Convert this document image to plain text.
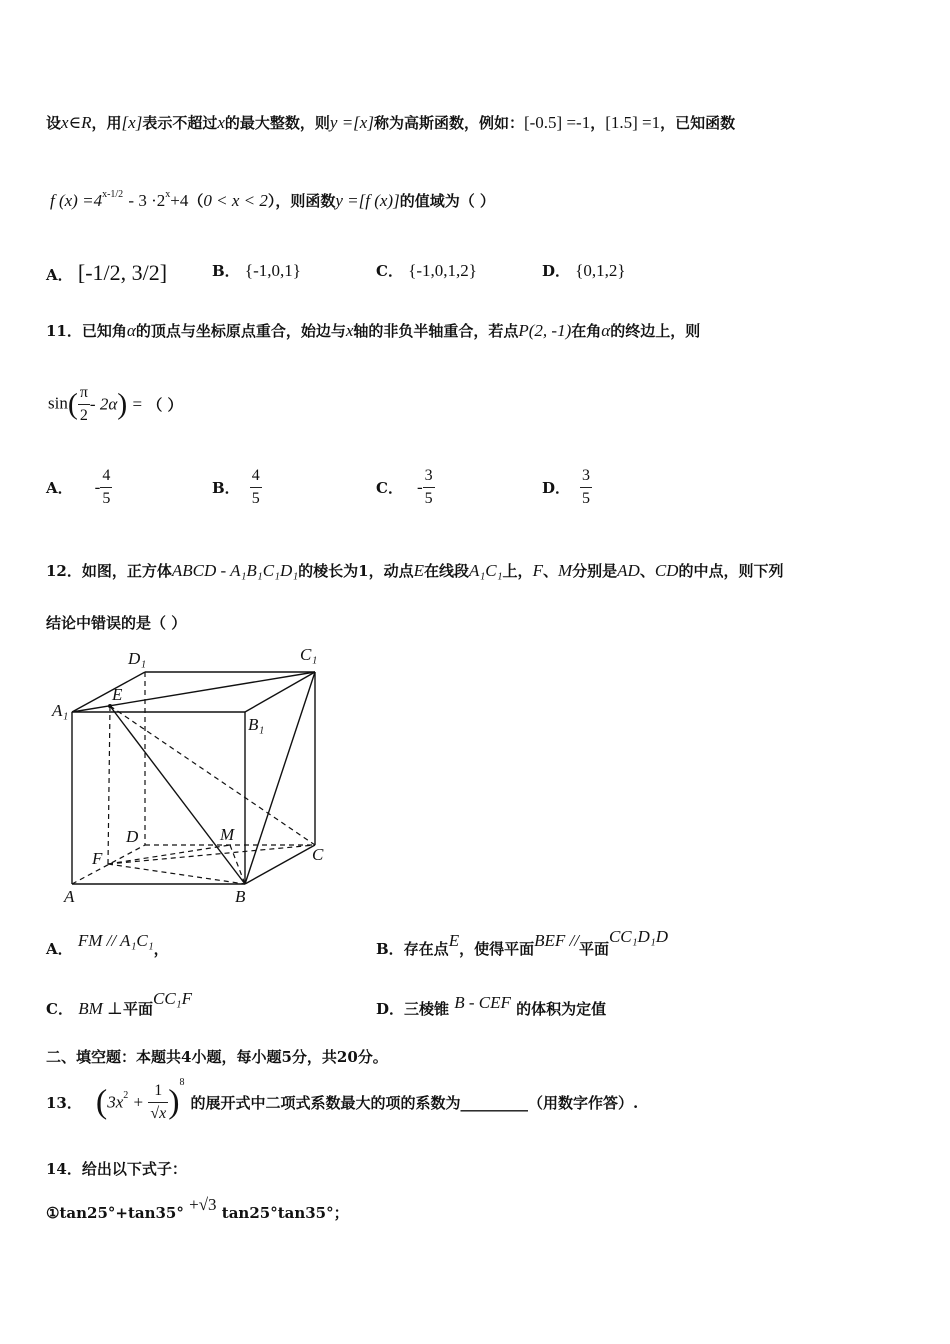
设x∈R，用[x]表示不超过x的最大整数，则y =[x]称为高斯函数，例如：[-0.5] =-1，[1.5] =1，已知函数
f $(x) =4^{x-1/2} - 3 \cdot 2^x+4(0 < x < 2)$，则函数y =[f (x)]的值域为（ ）
A． [-1/2, 3/2]	B． {-1,0,1}	C． {-1,0,1,2}	D． {0,1,2}
11．已知角α的顶点与坐标原点重合，始边与x轴的非负半轴重合，若点P(2, -1)在角α的终边上，则
$\sin( \frac{\pi}{2} - 2\alpha)$ = （ ）
A． - $\frac{4}{5}$	B． $\frac{4}{5}$	C． - $\frac{3}{5}$	D． $\frac{3}{5}$
12．如图，正方体ABCD - A₁B₁C₁D₁的棱长为1，动点E在线段A₁C₁上，F、M分别是AD、CD的中点，则下列
结论中错误的是（ ）
A₁
B₁
D₁	C₁
E
D	M
C
F
A	B
A． FM // A₁C₁，	B．存在点E，使得平面BEF //平面CC₁D₁D
C． BM ⊥平面CC₁F
D．三棱锥 B - CEF 的体积为定值
二、填空题：本题共4小题，每小题5分，共20分。
13． $(3x^2 + \frac{1}{√x} )^8$的展开式中二项式系数最大的项的系数为_________（用数字作答）.
14．给出以下式子：
①tan25°+tan35° +√3 tan25°tan35°；
